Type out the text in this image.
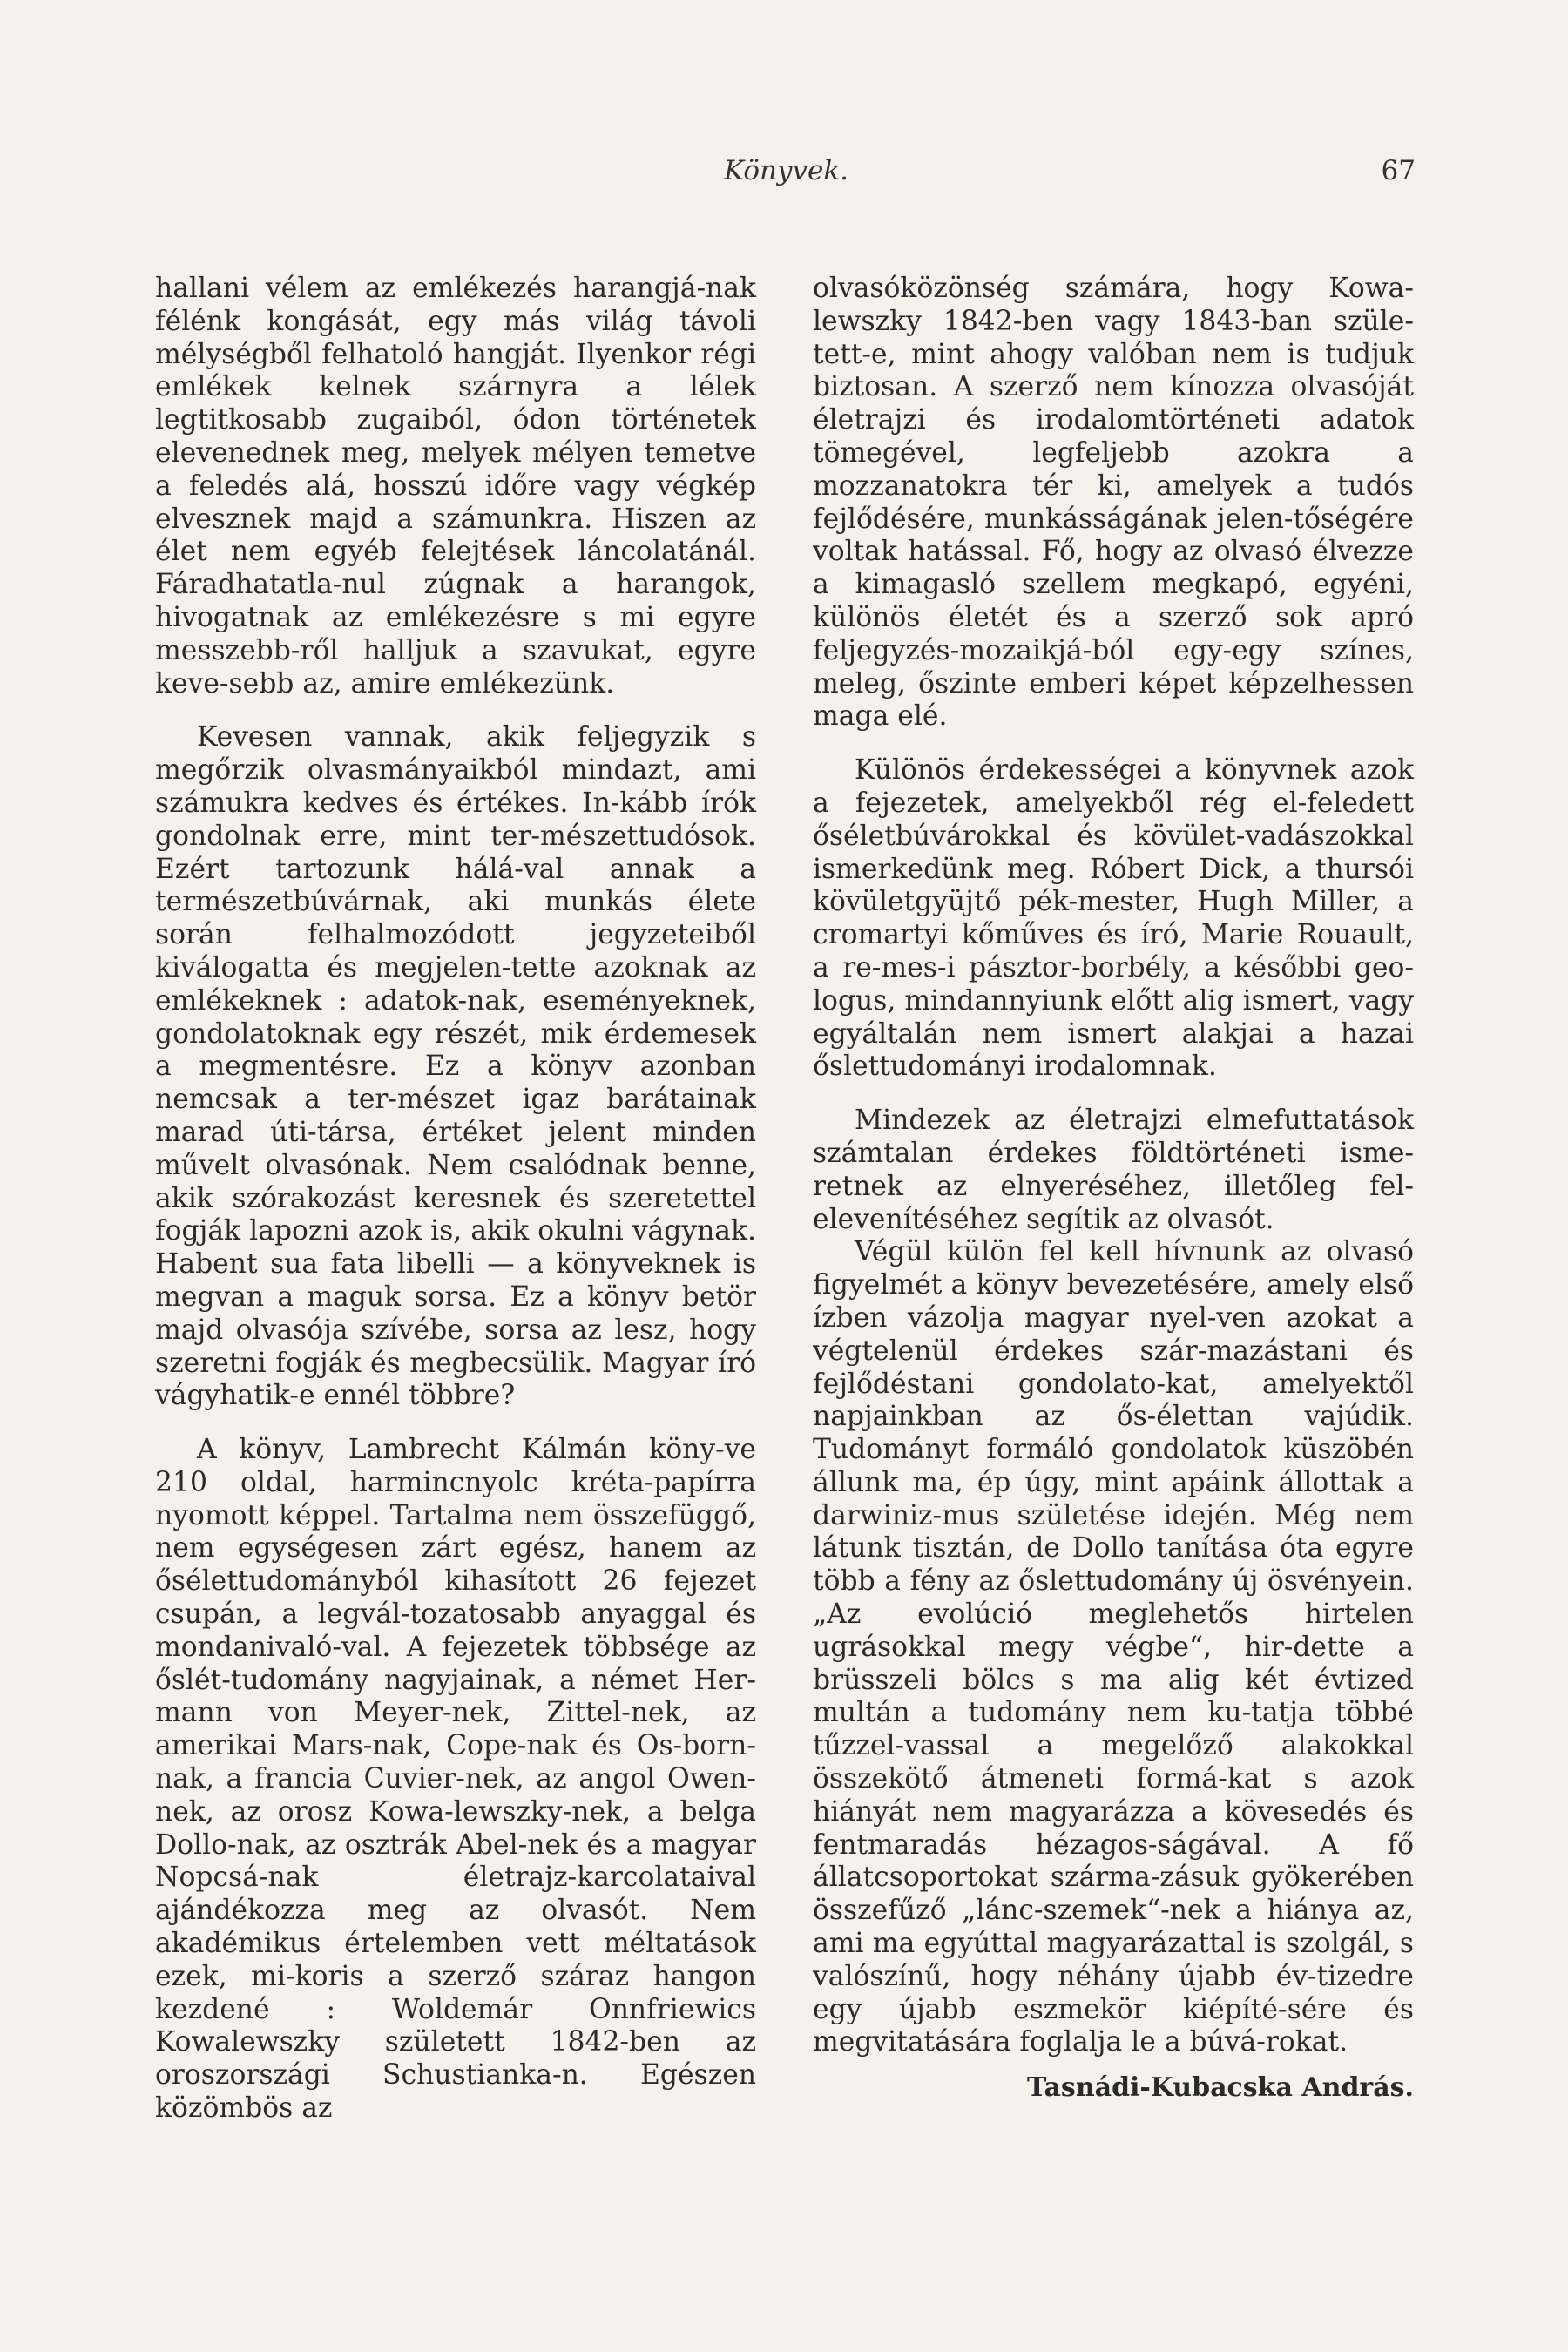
Könyvek.	67

hallani vélem az emlékezés harangjá-nak félénk kongását, egy más világ távoli mélységből felhatoló hangját. Ilyenkor régi emlékek kelnek szárnyra a lélek legtitkosabb zugaiból, ódon történetek elevenednek meg, melyek mélyen temetve a feledés alá, hosszú időre vagy végkép elvesznek majd a számunkra. Hiszen az élet nem egyéb felejtések láncolatánál. Fáradhatatla-nul zúgnak a harangok, hivogatnak az emlékezésre s mi egyre messzebb-ről halljuk a szavukat, egyre keve-sebb az, amire emlékezünk.

Kevesen vannak, akik feljegyzik s megőrzik olvasmányaikból mindazt, ami számukra kedves és értékes. In-kább írók gondolnak erre, mint ter-mészettudósok. Ezért tartozunk hálá-val annak a természetbúvárnak, aki munkás élete során felhalmozódott jegyzeteiből kiválogatta és megjelen-tette azoknak az emlékeknek : adatok-nak, eseményeknek, gondolatoknak egy részét, mik érdemesek a megmentésre. Ez a könyv azonban nemcsak a ter-mészet igaz barátainak marad úti-társa, értéket jelent minden művelt olvasónak. Nem csalódnak benne, akik szórakozást keresnek és szeretettel fogják lapozni azok is, akik okulni vágynak. Habent sua fata libelli — a könyveknek is megvan a maguk sorsa. Ez a könyv betör majd olvasója szívébe, sorsa az lesz, hogy szeretni fogják és megbecsülik. Magyar író vágyhatik-e ennél többre?

A könyv, Lambrecht Kálmán köny-ve 210 oldal, harmincnyolc kréta-papírra nyomott képpel. Tartalma nem összefüggő, nem egységesen zárt egész, hanem az ősélettudományból kihasított 26 fejezet csupán, a legvál-tozatosabb anyaggal és mondanivaló-val. A fejezetek többsége az őslét-tudomány nagyjainak, a német Her-mann von Meyer-nek, Zittel-nek, az amerikai Mars-nak, Cope-nak és Os-born-nak, a francia Cuvier-nek, az angol Owen-nek, az orosz Kowa-lewszky-nek, a belga Dollo-nak, az osztrák Abel-nek és a magyar Nopcsá-nak életrajz-karcolataival ajándékozza meg az olvasót. Nem akadémikus értelemben vett méltatások ezek, mi-koris a szerző száraz hangon kezdené : Woldemár Onnfriewics Kowalewszky született 1842-ben az oroszországi Schustianka-n. Egészen közömbös az

olvasóközönség számára, hogy Kowa-lewszky 1842-ben vagy 1843-ban szüle-tett-e, mint ahogy valóban nem is tudjuk biztosan. A szerző nem kínozza olvasóját életrajzi és irodalomtörténeti adatok tömegével, legfeljebb azokra a mozzanatokra tér ki, amelyek a tudós fejlődésére, munkásságának jelen-tőségére voltak hatással. Fő, hogy az olvasó élvezze a kimagasló szellem megkapó, egyéni, különös életét és a szerző sok apró feljegyzés-mozaikjá-ból egy-egy színes, meleg, őszinte emberi képet képzelhessen maga elé.

Különös érdekességei a könyvnek azok a fejezetek, amelyekből rég el-feledett őséletbúvárokkal és kövület-vadászokkal ismerkedünk meg. Róbert Dick, a thursói kövületgyüjtő pék-mester, Hugh Miller, a cromartyi kőműves és író, Marie Rouault, a re-mes-i pásztor-borbély, a későbbi geo-logus, mindannyiunk előtt alig ismert, vagy egyáltalán nem ismert alakjai a hazai őslettudományi irodalomnak.

Mindezek az életrajzi elmefuttatások számtalan érdekes földtörténeti isme-retnek az elnyeréséhez, illetőleg fel-elevenítéséhez segítik az olvasót.

Végül külön fel kell hívnunk az olvasó figyelmét a könyv bevezetésére, amely első ízben vázolja magyar nyel-ven azokat a végtelenül érdekes szár-mazástani és fejlődéstani gondolato-kat, amelyektől napjainkban az ős-élettan vajúdik. Tudományt formáló gondolatok küszöbén állunk ma, ép úgy, mint apáink állottak a darwiniz-mus születése idején. Még nem látunk tisztán, de Dollo tanítása óta egyre több a fény az őslettudomány új ösvényein. „Az evolúció meglehetős hirtelen ugrásokkal megy végbe“, hir-dette a brüsszeli bölcs s ma alig két évtized multán a tudomány nem ku-tatja többé tűzzel-vassal a megelőző alakokkal összekötő átmeneti formá-kat s azok hiányát nem magyarázza a kövesedés és fentmaradás hézagos-ságával. A fő állatcsoportokat szárma-zásuk gyökerében összefűző „lánc-szemek“-nek a hiánya az, ami ma egyúttal magyarázattal is szolgál, s valószínű, hogy néhány újabb év-tizedre egy újabb eszmekör kiépíté-sére és megvitatására foglalja le a búvá-rokat.

Tasnádi-Kubacska András.
